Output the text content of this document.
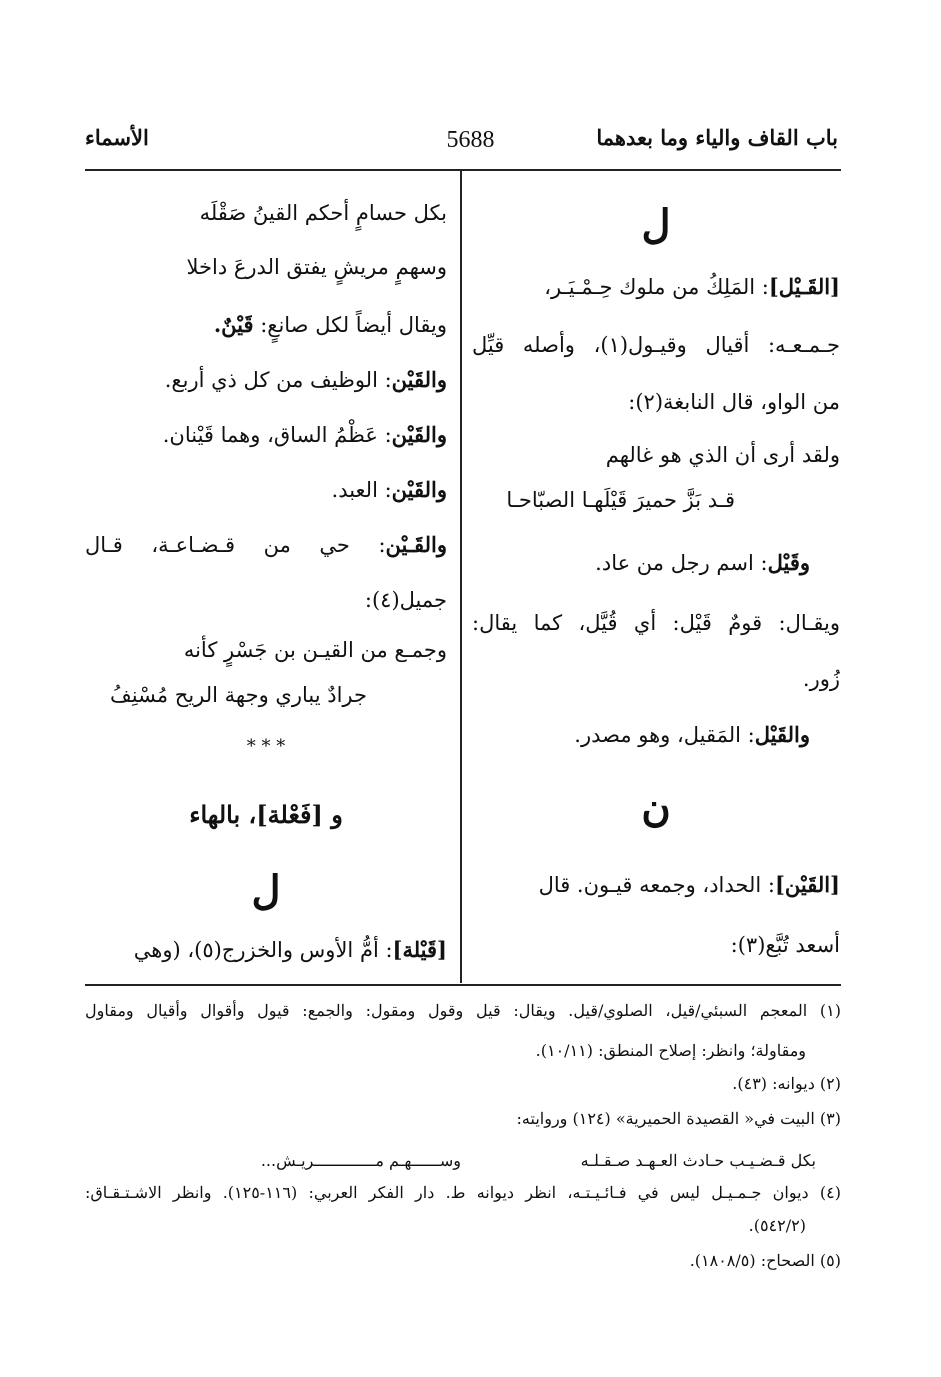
باب القاف والياء وما بعدهما
5688
الأسماء
ل
[القَـيْل]: المَلِكُ من ملوك حِـمْـيَـر،
جـمـعـه: أقيال وقيـول(١)، وأصله قيِّل
من الواو، قال النابغة(٢):
ولقد أرى أن الذي هو غالهم
قـد بَزَّ حميرَ قَيْلَهـا الصبّاحـا
وقَيْل: اسم رجل من عاد.
ويقـال: قومٌ قَيْل: أي قُيَّل، كما يقال:
زُور.
والقَيْل: المَقيل، وهو مصدر.
ن
[القَيْن]: الحداد، وجمعه قيـون. قال
أسعد تُبَّع(٣):
بكل حسامٍ أحكم القينُ صَقْلَه
وسهمٍ مريشٍ يفتق الدرعَ داخلا
ويقال أيضاً لكل صانعٍ: قَيْنٌ.
والقَيْن: الوظيف من كل ذي أربع.
والقَيْن: عَظْمُ الساق، وهما قَيْنان.
والقَيْن: العبد.
والقَـيْن: حي من قـضـاعـة، قـال
جميل(٤):
وجمـع من القيـن بن جَسْرٍ كأنه
جرادٌ يباري وجهة الريح مُسْنِفُ
* * *
و [فَعْلة]، بالهاء
ل
[قَيْلة]: أمُّ الأوس والخزرج(٥)، (وهي
(١) المعجم السبئي/قيل، الصلوي/قيل. ويقال: قيل وقول ومقول: والجمع: قيول وأقوال وأقيال ومقاول
ومقاولة؛ وانظر: إصلاح المنطق: (١٠/١١).
(٢) ديوانه: (٤٣).
(٣) البيت في« القصيدة الحميرية» (١٢٤) وروايته:
بكل قـضـيـب حـادث العـهـد صـقـلـه
وســــــهـم مـــــــــــــريـش...
(٤) ديوان جـمـيـل ليس في فـائـيـتـه، انظر ديوانه ط. دار الفكر العربي: (١١٦-١٢٥). وانظر الاشـتـقـاق:
(٥٤٢/٢).
(٥) الصحاح: (١٨٠٨/٥).
